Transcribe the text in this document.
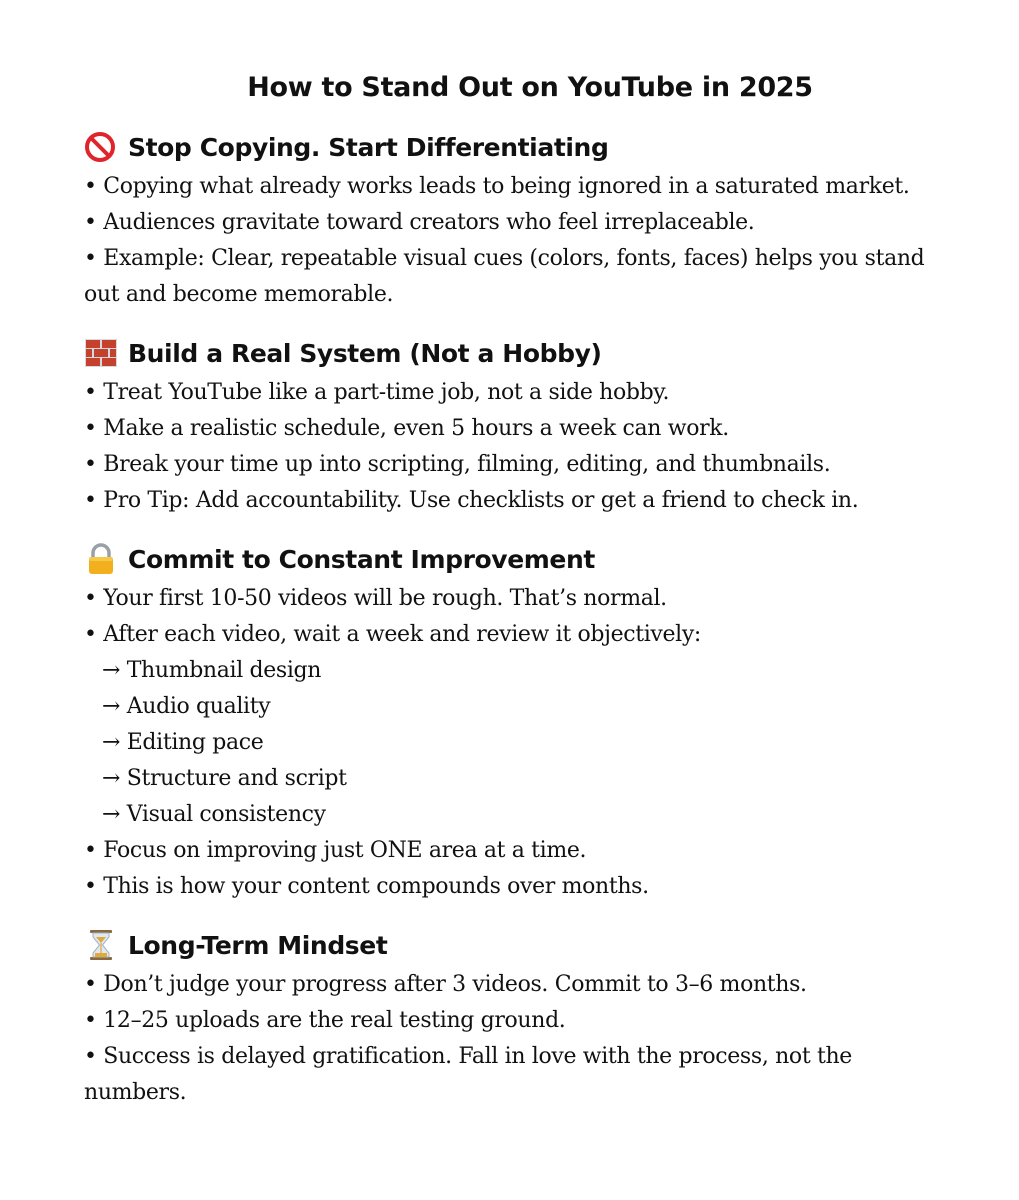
How to Stand Out on YouTube in 2025
Stop Copying. Start Differentiating

• Copying what already works leads to being ignored in a saturated market.

• Audiences gravitate toward creators who feel irreplaceable.

• Example: Clear, repeatable visual cues (colors, fonts, faces) helps you stand

out and become memorable.

Build a Real System (Not a Hobby)

• Treat YouTube like a part-time job, not a side hobby.

• Make a realistic schedule, even 5 hours a week can work.

• Break your time up into scripting, filming, editing, and thumbnails.

• Pro Tip: Add accountability. Use checklists or get a friend to check in.

Commit to Constant Improvement

• Your first 10-50 videos will be rough. That’s normal.

• After each video, wait a week and review it objectively:

→ Thumbnail design

→ Audio quality

→ Editing pace

→ Structure and script

→ Visual consistency

• Focus on improving just ONE area at a time.

• This is how your content compounds over months.

Long-Term Mindset

• Don’t judge your progress after 3 videos. Commit to 3–6 months.

• 12–25 uploads are the real testing ground.

• Success is delayed gratification. Fall in love with the process, not the

numbers.
